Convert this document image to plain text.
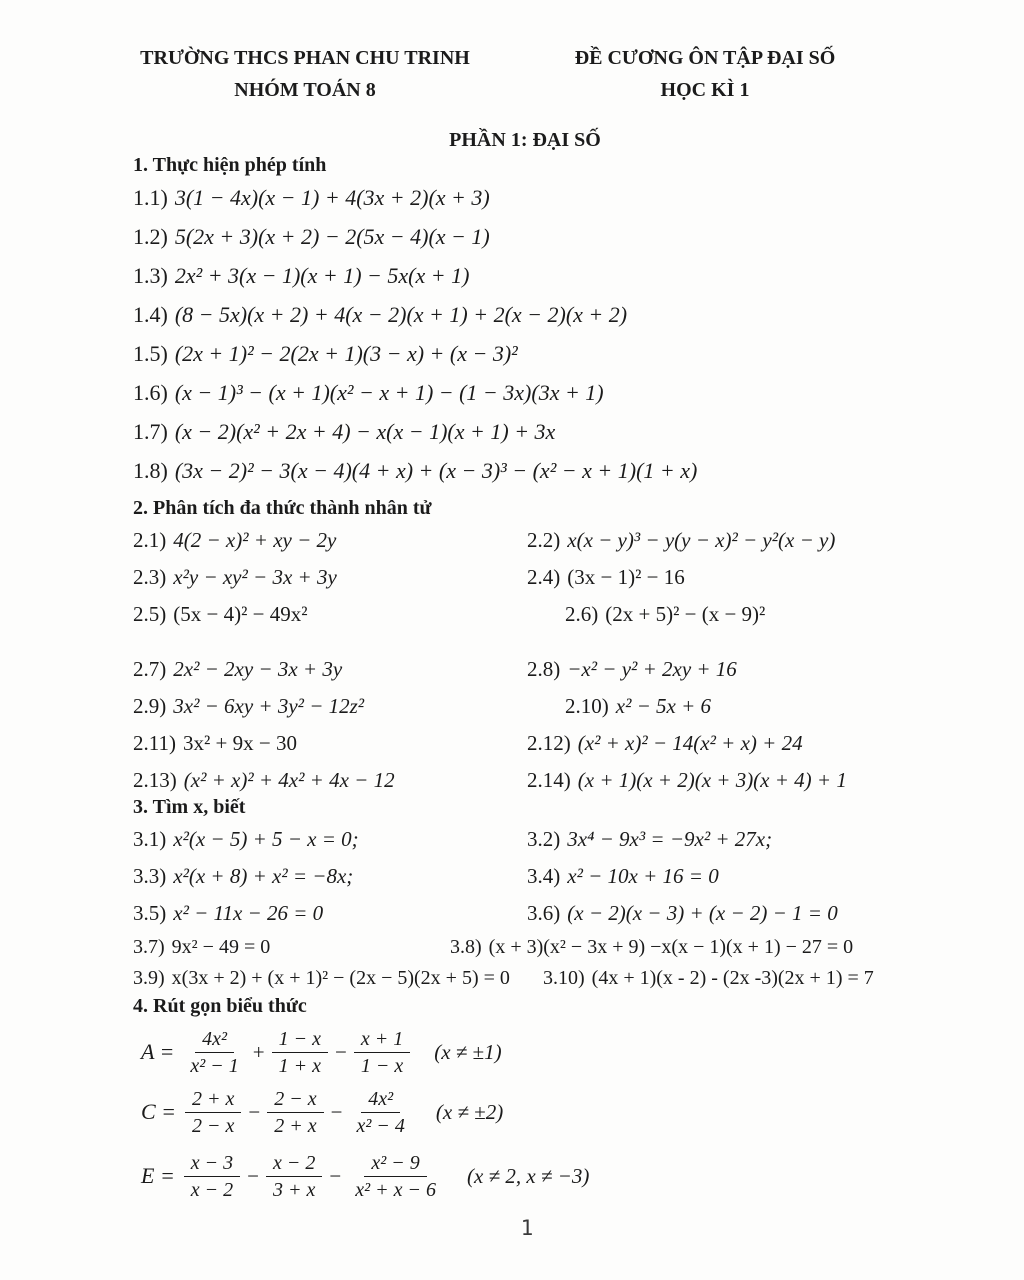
TRƯỜNG THCS PHAN CHU TRINH
NHÓM TOÁN 8
ĐỀ CƯƠNG ÔN TẬP ĐẠI SỐ
HỌC KÌ 1
PHẦN 1: ĐẠI SỐ
1. Thực hiện phép tính
1.1) 3(1 − 4x)(x − 1) + 4(3x + 2)(x + 3)
1.2) 5(2x + 3)(x + 2) − 2(5x − 4)(x − 1)
1.3) 2x² + 3(x − 1)(x + 1) − 5x(x + 1)
1.4) (8 − 5x)(x + 2) + 4(x − 2)(x + 1) + 2(x − 2)(x + 2)
1.5) (2x + 1)² − 2(2x + 1)(3 − x) + (x − 3)²
1.6) (x − 1)³ − (x + 1)(x² − x + 1) − (1 − 3x)(3x + 1)
1.7) (x − 2)(x² + 2x + 4) − x(x − 1)(x + 1) + 3x
1.8) (3x − 2)² − 3(x − 4)(4 + x) + (x − 3)³ − (x² − x + 1)(1 + x)
2. Phân tích đa thức thành nhân tử
2.1) 4(2 − x)² + xy − 2y	2.2) x(x − y)³ − y(y − x)² − y²(x − y)
2.3) x²y − xy² − 3x + 3y	2.4) (3x − 1)² − 16
2.5) (5x − 4)² − 49x²	2.6) (2x + 5)² − (x − 9)²
2.7) 2x² − 2xy − 3x + 3y	2.8) −x² − y² + 2xy + 16
2.9) 3x² − 6xy + 3y² − 12z²	2.10) x² − 5x + 6
2.11) 3x² + 9x − 30	2.12) (x² + x)² − 14(x² + x) + 24
2.13) (x² + x)² + 4x² + 4x − 12	2.14) (x + 1)(x + 2)(x + 3)(x + 4) + 1
3. Tìm x, biết
3.1) x²(x − 5) + 5 − x = 0;	3.2) 3x⁴ − 9x³ = −9x² + 27x;
3.3) x²(x + 8) + x² = −8x;	3.4) x² − 10x + 16 = 0
3.5) x² − 11x − 26 = 0	3.6) (x − 2)(x − 3) + (x − 2) − 1 = 0
3.7) 9x² − 49 = 0	3.8) (x + 3)(x² − 3x + 9) −x(x − 1)(x + 1) − 27 = 0
3.9) x(3x + 2) + (x + 1)² − (2x − 5)(2x + 5) = 0	3.10) (4x + 1)(x - 2) - (2x -3)(2x + 1) = 7
4. Rút gọn biểu thức
$A = \frac{\text{4x²}}{\text{x² − 1}} + \frac{1 - x}{1 + x} - \frac{x + 1}{1 - x} (x \ne \pm 1)$
$C = \frac{2 + x}{2 - x} - \frac{2 - x}{2 + x} - \frac{\text{4x²}}{\text{x² − 4}} (x \ne \pm 2)$
$E = \frac{x - 3}{x - 2} - \frac{x - 2}{3 + x} - \frac{\text{x² − 9}}{\text{x² + x − 6}} (x \ne 2$, x ≠ −3)
1
